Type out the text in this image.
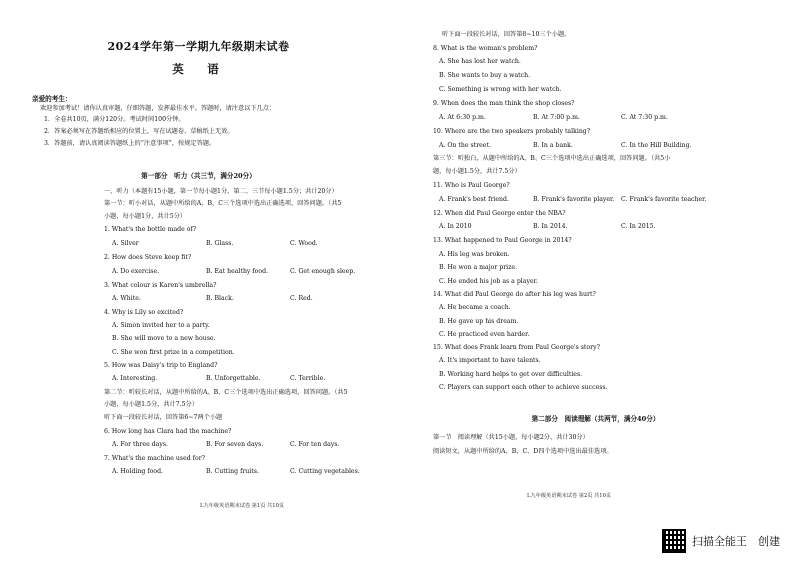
2024学年第一学期九年级期末试卷
英　语
亲爱的考生：
欢迎参加考试！请你认真审题，仔细答题，发挥最佳水平。答题时，请注意以下几点：
1．全卷共10页，满分120分。考试时间100分钟。
2．答案必须写在答题纸相应的位置上，写在试题卷、草稿纸上无效。
3．答题前，请认真阅读答题纸上的“注意事项”，按规定答题。
第一部分　听力（共三节，满分20分）
一、听力（本题有15小题，第一节每小题1分，第二、三节每小题1.5分；共计20分）
第一节：听小对话，从题中所给的A、B、C三个选项中选出正确选项，回答问题。（共5
小题，每小题1分，共计5分）
1. What's the bottle made of?
A. Silver	B. Glass.	C. Wood.
2. How does Steve keep fit?
A. Do exercise.	B. Eat healthy food.	C. Get enough sleep.
3. What colour is Karen's umbrella?
A. White.	B. Black.	C. Red.
4. Why is Lily so excited?
A. Simon invited her to a party.
B. She will move to a new house.
C. She won first prize in a competition.
5. How was Daisy's trip to England?
A. Interesting.	B. Unforgettable.	C. Terrible.
第二节：听较长对话，从题中所给的A、B、C三个选项中选出正确选项，回答问题。（共5
小题，每小题1.5分，共计7.5分）
听下面一段较长对话，回答第6~7两个小题
6. How long has Clara had the machine?
A. For three days.	B. For seven days.	C. For ten days.
7. What's the machine used for?
A. Holding food.	B. Cutting fruits.	C. Cutting vegetables.
L九年级英语期末试卷 第1页 共10页
听下面一段较长对话，回答第8~10三个小题。
8. What is the woman's problem?
A. She has lost her watch.
B. She wants to buy a watch.
C. Something is wrong with her watch.
9. When does the man think the shop closes?
A. At 6:30 p.m.	B. At 7:00 p.m.	C. At 7:30 p.m.
10. Where are the two speakers probably talking?
A. On the street.	B. In a bank.	C. In the Hill Building.
第三节：听独白，从题中所给的A、B、C三个选项中选出正确选项，回答问题。（共5小
题，每小题1.5分，共计7.5分）
11. Who is Paul George?
A. Frank's best friend.	B. Frank's favorite player. C. Frank's favorite teacher.
12. When did Paul George enter the NBA?
A. In 2010	B. In 2014.	C. In 2015.
13. What happened to Paul George in 2014?
A. His leg was broken.
B. He won a major prize.
C. He ended his job as a player.
14. What did Paul George do after his leg was hurt?
A. He became a coach.
B. He gave up his dream.
C. He practiced even harder.
15. What does Frank learn from Paul George's story?
A. It's important to have talents.
B. Working hard helps to get over difficulties.
C. Players can support each other to achieve success.
第二部分　阅读理解（共两节，满分40分）
第一节　阅读理解（共15小题，每小题2分，共计30分）
阅读短文，从题中所给的A、B、C、D四个选项中选出最佳选项。
L九年级英语期末试卷 第2页 共10页
扫描全能王　创建
